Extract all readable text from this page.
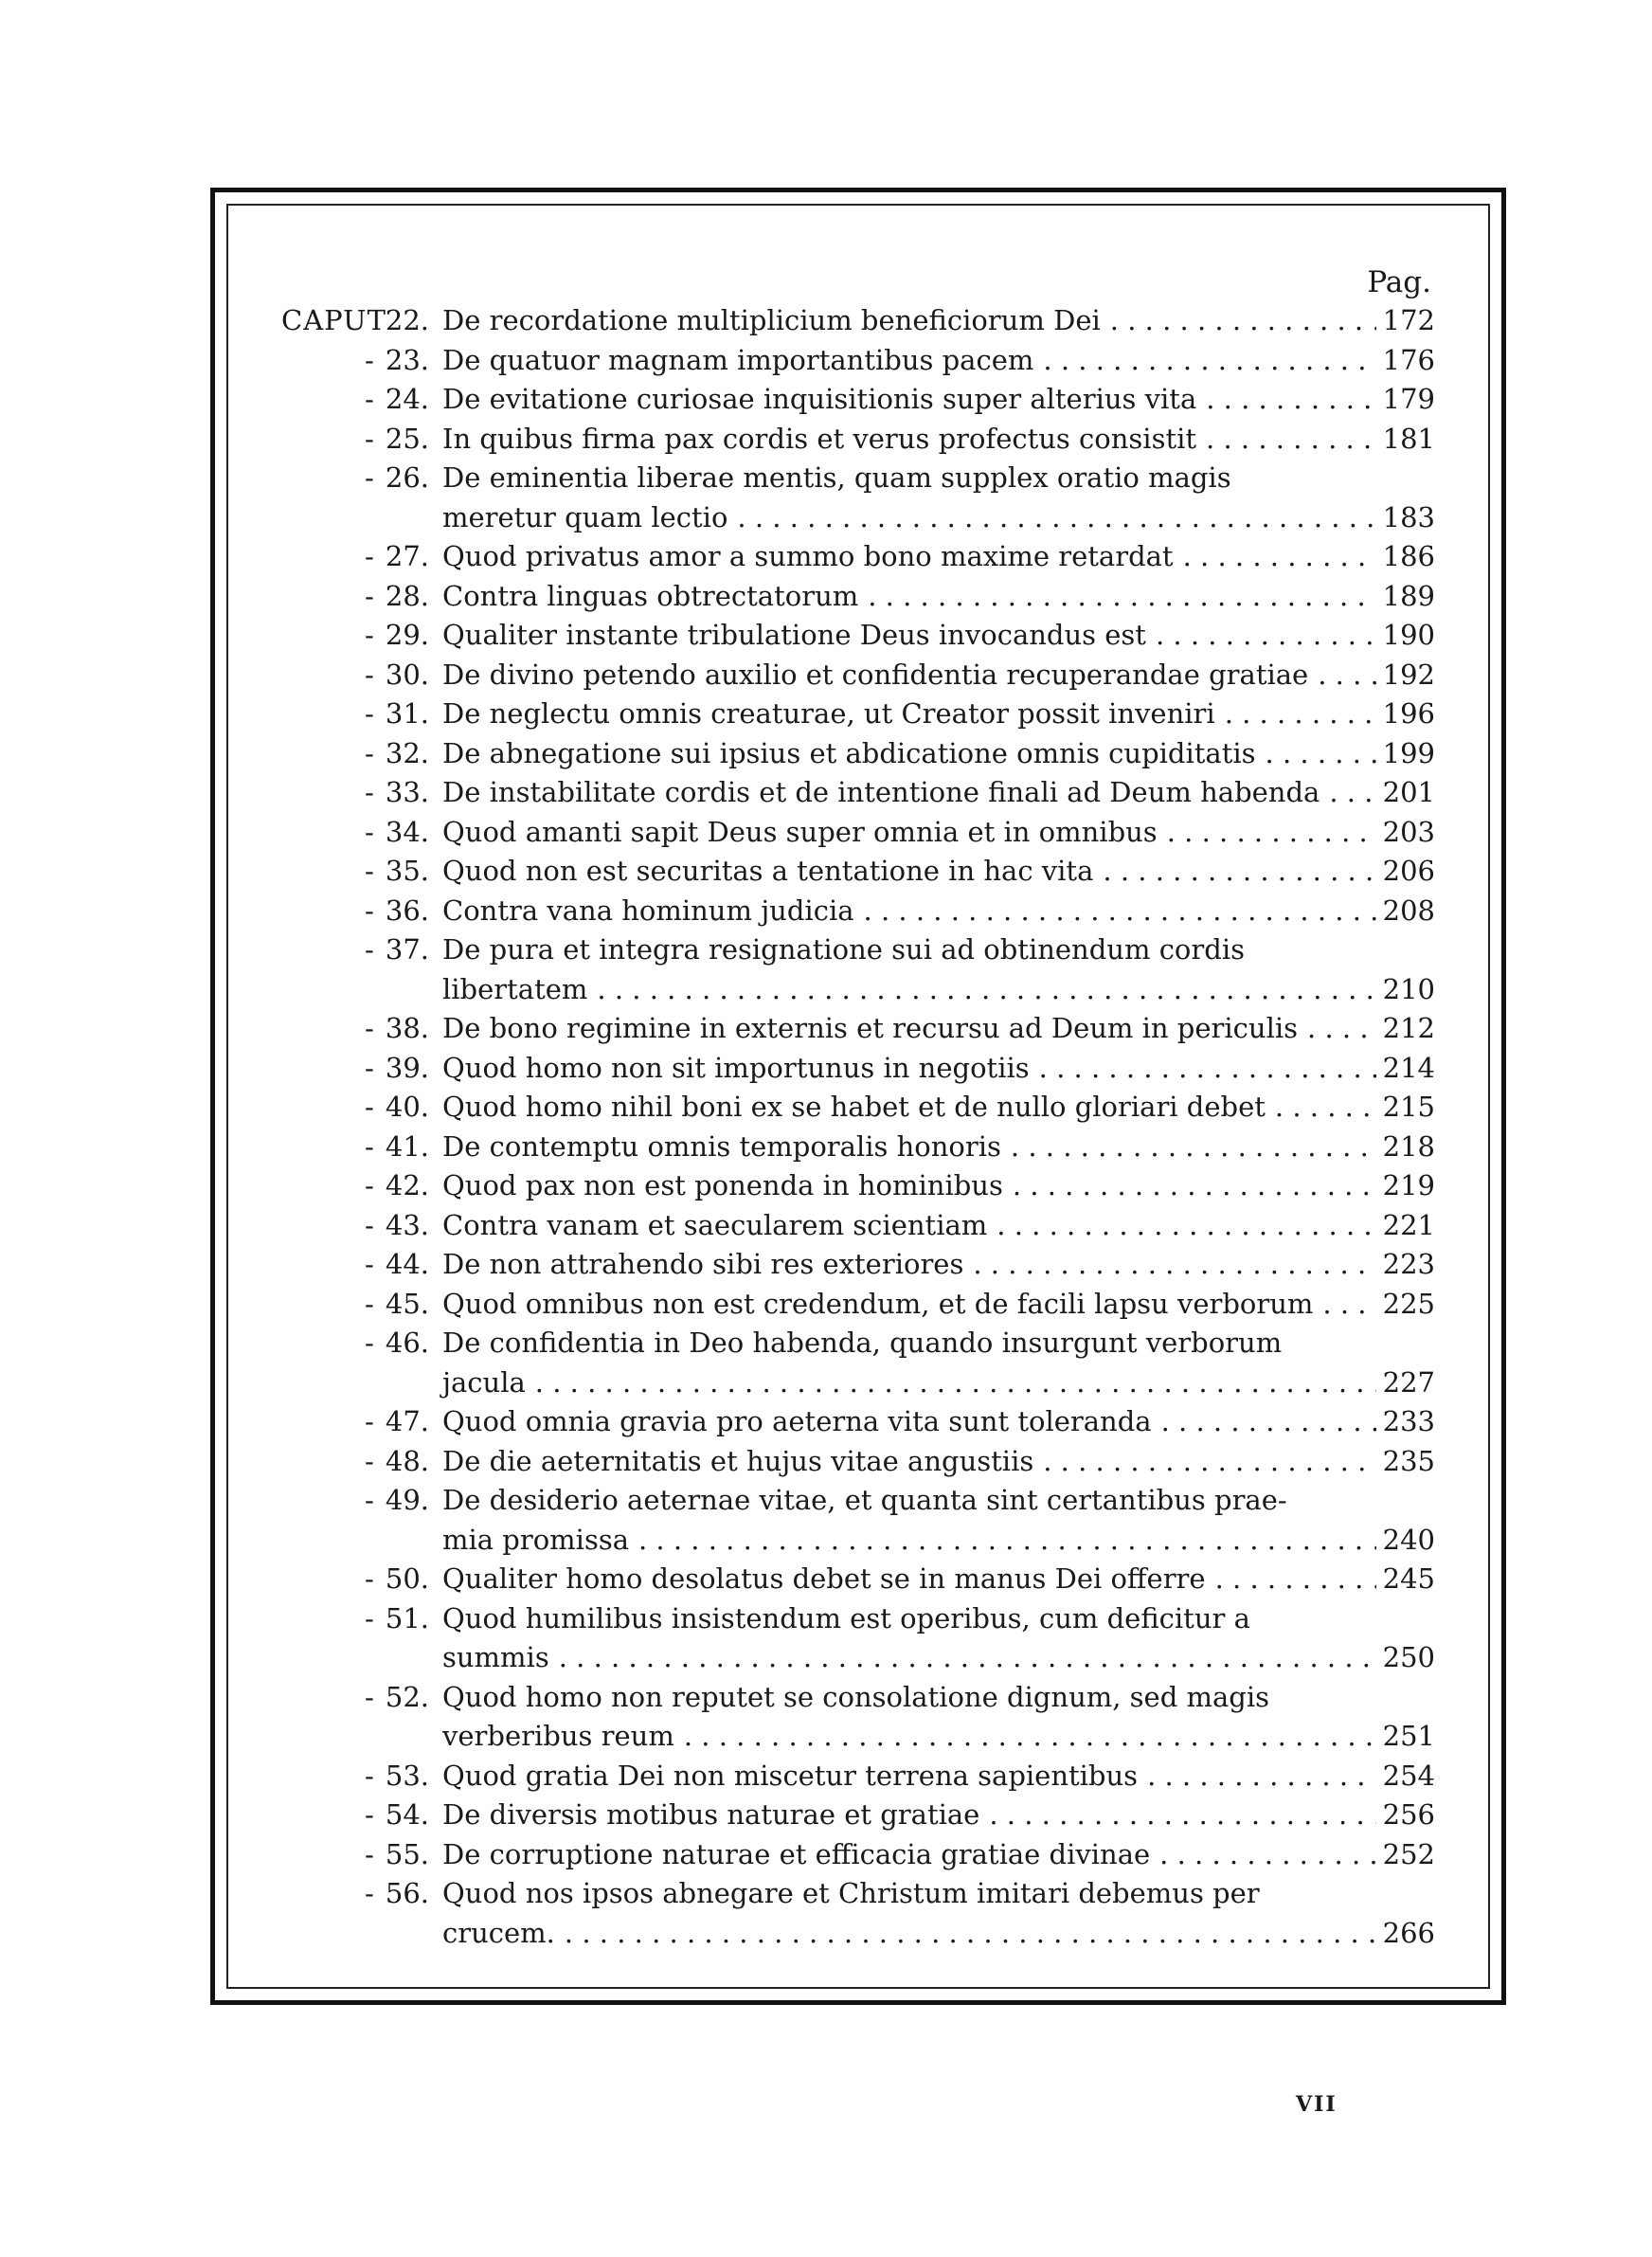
Pag.
CAPUT
22. De recordatione multiplicium beneficiorum Dei . . .	172
- 23. De quatuor magnam importantibus pacem . . .	176
- 24. De evitatione curiosae inquisitionis super alterius vita . . .	179
- 25. In quibus firma pax cordis et verus profectus consistit . . .	181
- 26. De eminentia liberae mentis, quam supplex oratio magis
meretur quam lectio . . .	183
- 27. Quod privatus amor a summo bono maxime retardat . . .	186
- 28. Contra linguas obtrectatorum . . .	189
- 29. Qualiter instante tribulatione Deus invocandus est . . .	190
- 30. De divino petendo auxilio et confidentia recuperandae gratiae . . .	192
- 31. De neglectu omnis creaturae, ut Creator possit inveniri . . .	196
- 32. De abnegatione sui ipsius et abdicatione omnis cupiditatis . . .	199
- 33. De instabilitate cordis et de intentione finali ad Deum habenda . . . 201
- 34. Quod amanti sapit Deus super omnia et in omnibus . . .	203
- 35. Quod non est securitas a tentatione in hac vita . . .	206
- 36. Contra vana hominum judicia . . .	208
- 37. De pura et integra resignatione sui ad obtinendum cordis
libertatem . . .	210
- 38. De bono regimine in externis et recursu ad Deum in periculis . . .	212
- 39. Quod homo non sit importunus in negotiis . . .	214
- 40. Quod homo nihil boni ex se habet et de nullo gloriari debet . . .	215
- 41. De contemptu omnis temporalis honoris . . .	218
- 42. Quod pax non est ponenda in hominibus . . .	219
- 43. Contra vanam et saecularem scientiam . . .	221
- 44. De non attrahendo sibi res exteriores . . .	223
- 45. Quod omnibus non est credendum, et de facili lapsu verborum . . .	225
- 46. De confidentia in Deo habenda, quando insurgunt verborum
jacula . . .	227
- 47. Quod omnia gravia pro aeterna vita sunt toleranda . . .	233
- 48. De die aeternitatis et hujus vitae angustiis . . .	235
- 49. De desiderio aeternae vitae, et quanta sint certantibus prae-
mia promissa . . .	240
- 50. Qualiter homo desolatus debet se in manus Dei offerre . . .	245
- 51. Quod humilibus insistendum est operibus, cum deficitur a
summis . . .	250
- 52. Quod homo non reputet se consolatione dignum, sed magis
verberibus reum . . .	251
- 53. Quod gratia Dei non miscetur terrena sapientibus . . .	254
- 54. De diversis motibus naturae et gratiae . . .	256
- 55. De corruptione naturae et efficacia gratiae divinae . . .	252
- 56. Quod nos ipsos abnegare et Christum imitari debemus per
crucem. . . .	266
VII
